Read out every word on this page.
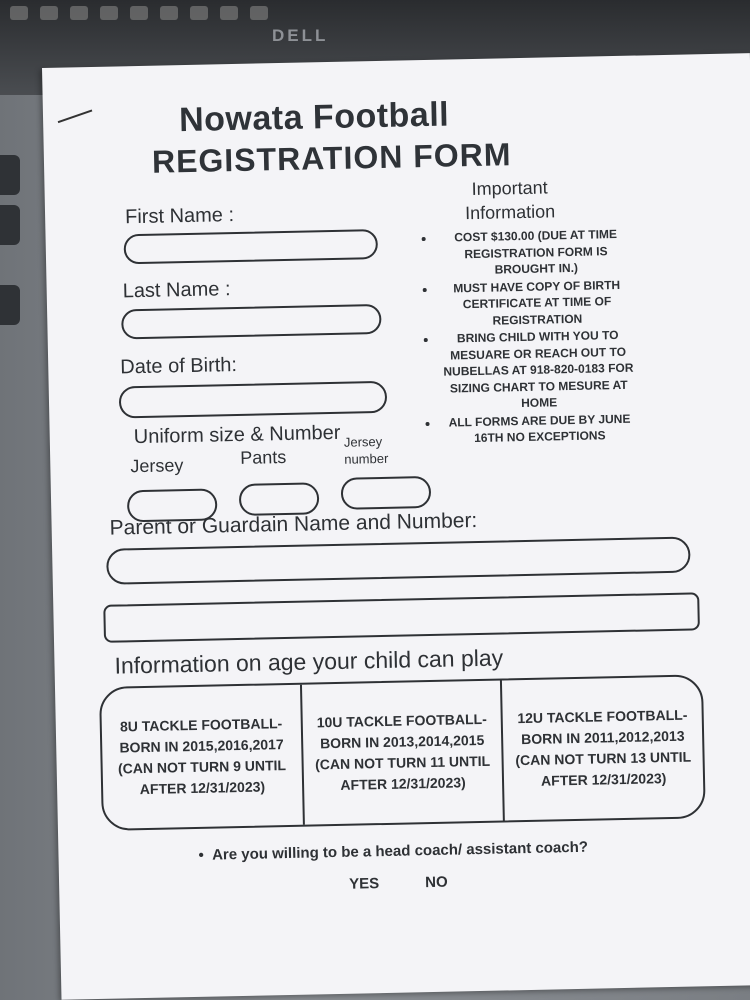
DELL
Nowata Football
REGISTRATION FORM
First Name :
Last Name :
Date of Birth:
Uniform size & Number
Jersey	Pants
Jersey
number
Important
Information
• COST $130.00 (DUE AT TIME REGISTRATION FORM IS BROUGHT IN.)
• MUST HAVE COPY OF BIRTH CERTIFICATE AT TIME OF REGISTRATION
• BRING CHILD WITH YOU TO MESUARE OR REACH OUT TO NUBELLAS AT 918-820-0183 FOR SIZING CHART TO MESURE AT HOME
• ALL FORMS ARE DUE BY JUNE 16TH NO EXCEPTIONS
Parent or Guardain Name and Number:
Information on age your child can play
8U TACKLE FOOTBALL-BORN IN 2015,2016,2017 (CAN NOT TURN 9 UNTIL AFTER 12/31/2023)
10U TACKLE FOOTBALL-BORN IN 2013,2014,2015 (CAN NOT TURN 11 UNTIL AFTER 12/31/2023)
12U TACKLE FOOTBALL-BORN IN 2011,2012,2013 (CAN NOT TURN 13 UNTIL AFTER 12/31/2023)
•  Are you willing to be a head coach/ assistant coach?
YES	NO
